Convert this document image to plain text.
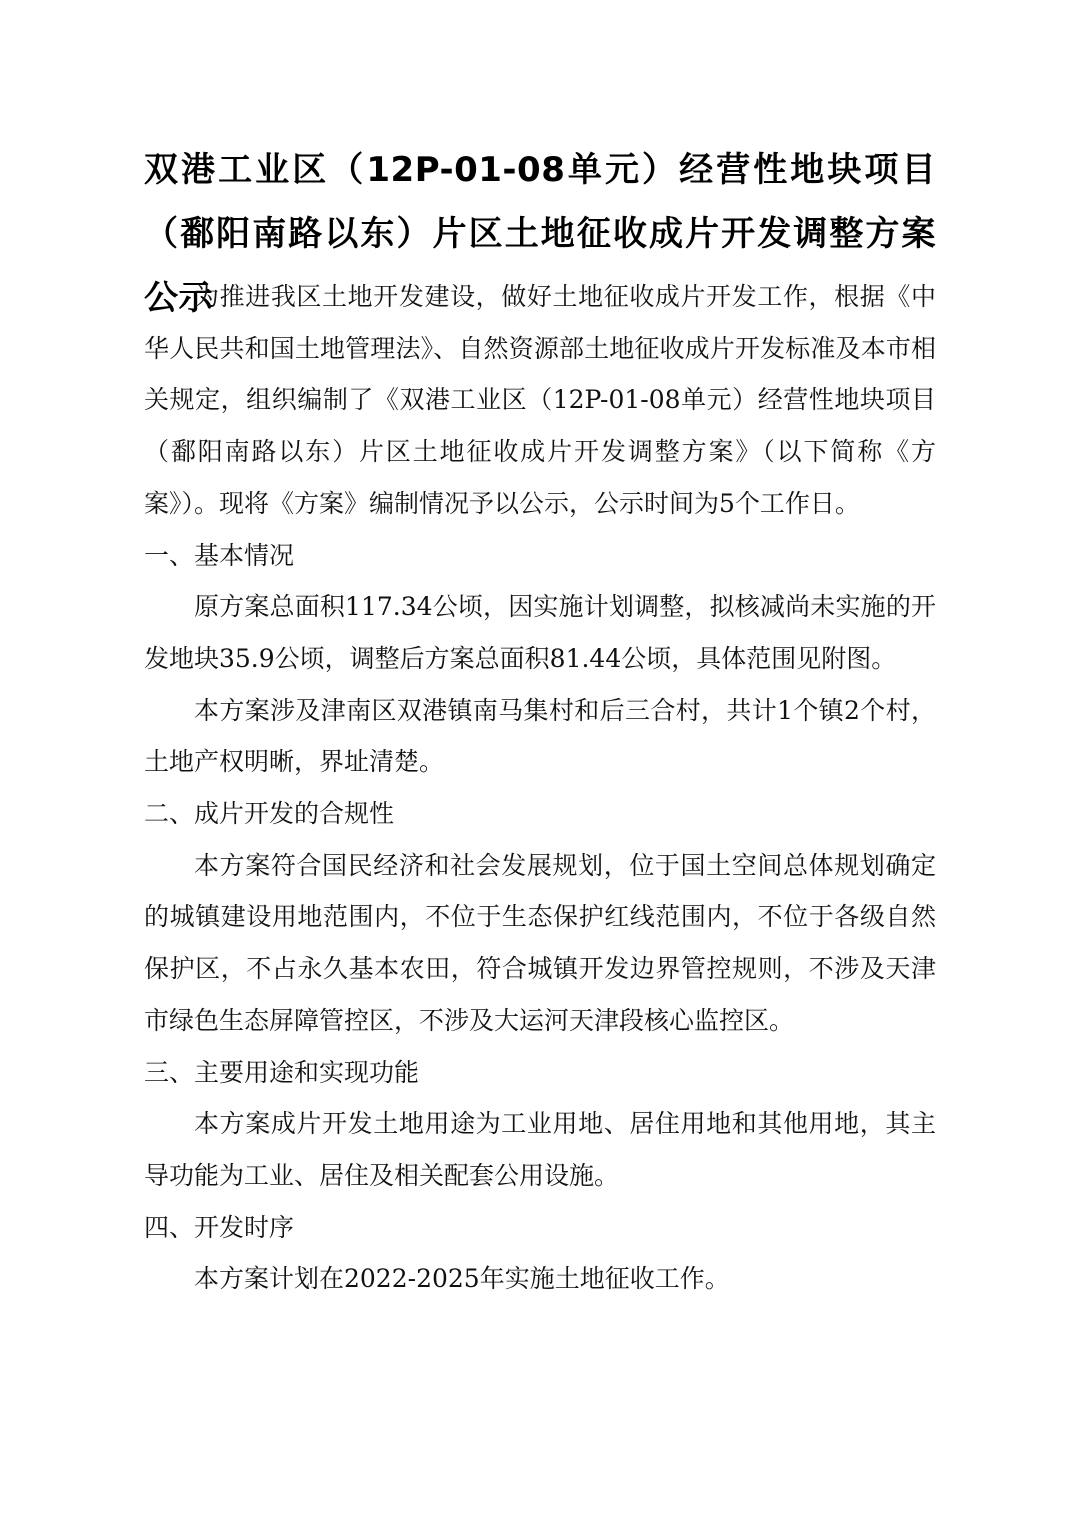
双港工业区（12P-01-08单元）经营性地块项目（鄱阳南路以东）片区土地征收成片开发调整方案公示

为推进我区土地开发建设，做好土地征收成片开发工作，根据《中华人民共和国土地管理法》、自然资源部土地征收成片开发标准及本市相关规定，组织编制了《双港工业区（12P-01-08单元）经营性地块项目（鄱阳南路以东）片区土地征收成片开发调整方案》（以下简称《方案》）。现将《方案》编制情况予以公示，公示时间为5个工作日。

一、基本情况

原方案总面积117.34公顷，因实施计划调整，拟核减尚未实施的开发地块35.9公顷，调整后方案总面积81.44公顷，具体范围见附图。

本方案涉及津南区双港镇南马集村和后三合村，共计1个镇2个村，土地产权明晰，界址清楚。

二、成片开发的合规性

本方案符合国民经济和社会发展规划，位于国土空间总体规划确定的城镇建设用地范围内，不位于生态保护红线范围内，不位于各级自然保护区，不占永久基本农田，符合城镇开发边界管控规则，不涉及天津市绿色生态屏障管控区，不涉及大运河天津段核心监控区。

三、主要用途和实现功能

本方案成片开发土地用途为工业用地、居住用地和其他用地，其主导功能为工业、居住及相关配套公用设施。

四、开发时序

本方案计划在2022-2025年实施土地征收工作。
